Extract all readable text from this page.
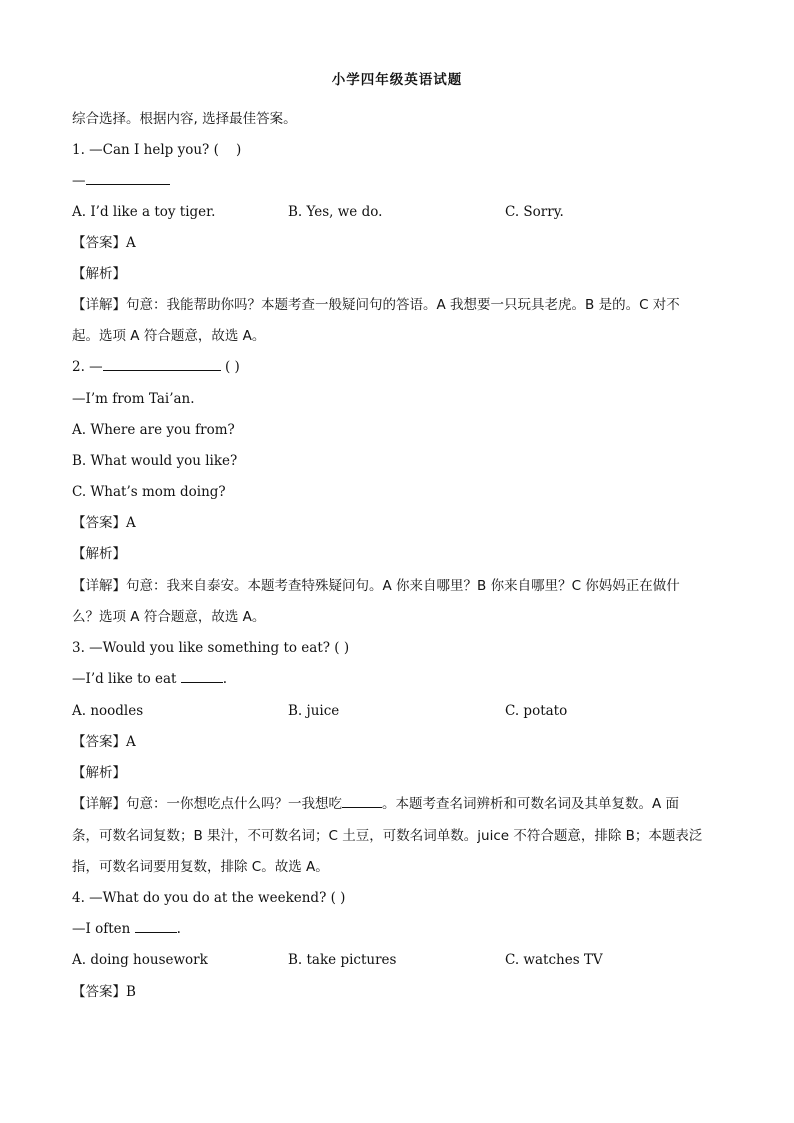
小学四年级英语试题
综合选择。根据内容, 选择最佳答案。
1. —Can I help you? ( )
—
A. I’d like a toy tiger.	B. Yes, we do.	C. Sorry.
【答案】A
【解析】
【详解】句意：我能帮助你吗？本题考查一般疑问句的答语。A 我想要一只玩具老虎。B 是的。C 对不
起。选项 A 符合题意，故选 A。
2. —	( )
—I’m from Tai’an.
A. Where are you from?
B. What would you like?
C. What’s mom doing?
【答案】A
【解析】
【详解】句意：我来自泰安。本题考查特殊疑问句。A 你来自哪里？B 你来自哪里？C 你妈妈正在做什
么？选项 A 符合题意，故选 A。
3. —Would you like something to eat? ( )
—I’d like to eat	.
A. noodles	B. juice	C. potato
【答案】A
【解析】
【详解】句意：一你想吃点什么吗？一我想吃	。本题考查名词辨析和可数名词及其单复数。A 面
条，可数名词复数；B 果汁，不可数名词；C 土豆，可数名词单数。juice 不符合题意，排除 B；本题表泛
指，可数名词要用复数，排除 C。故选 A。
4. —What do you do at the weekend? ( )
—I often	.
A. doing housework	B. take pictures	C. watches TV
【答案】B
